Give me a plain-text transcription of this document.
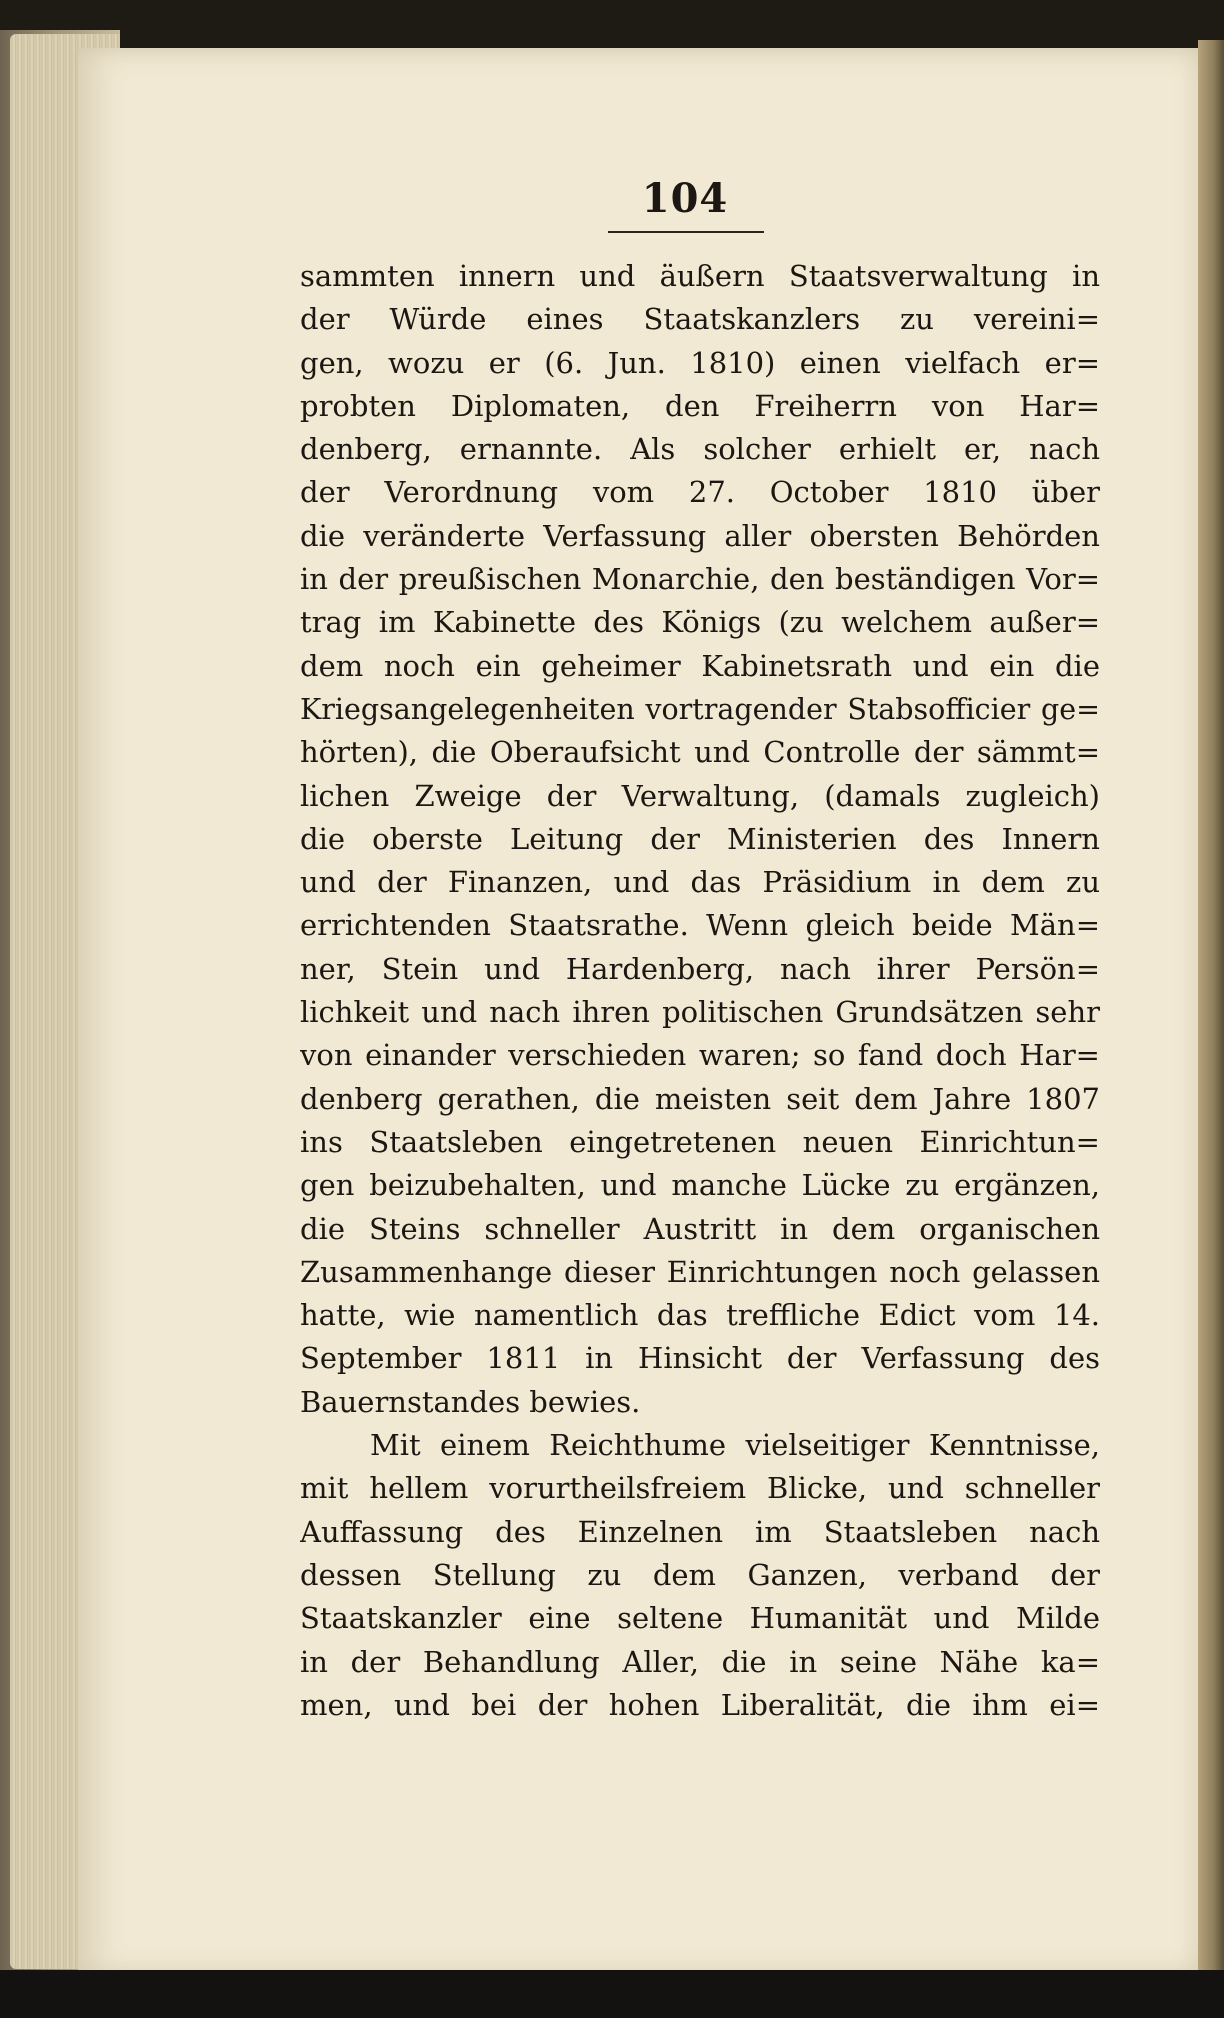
104
sammten innern und äußern Staatsverwaltung in
der Würde eines Staatskanzlers zu vereini=
gen, wozu er (6. Jun. 1810) einen vielfach er=
probten Diplomaten, den Freiherrn von Har=
denberg, ernannte. Als solcher erhielt er, nach
der Verordnung vom 27. October 1810 über
die veränderte Verfassung aller obersten Behörden
in der preußischen Monarchie, den beständigen Vor=
trag im Kabinette des Königs (zu welchem außer=
dem noch ein geheimer Kabinetsrath und ein die
Kriegsangelegenheiten vortragender Stabsofficier ge=
hörten), die Oberaufsicht und Controlle der sämmt=
lichen Zweige der Verwaltung, (damals zugleich)
die oberste Leitung der Ministerien des Innern
und der Finanzen, und das Präsidium in dem zu
errichtenden Staatsrathe. Wenn gleich beide Män=
ner, Stein und Hardenberg, nach ihrer Persön=
lichkeit und nach ihren politischen Grundsätzen sehr
von einander verschieden waren; so fand doch Har=
denberg gerathen, die meisten seit dem Jahre 1807
ins Staatsleben eingetretenen neuen Einrichtun=
gen beizubehalten, und manche Lücke zu ergänzen,
die Steins schneller Austritt in dem organischen
Zusammenhange dieser Einrichtungen noch gelassen
hatte, wie namentlich das treffliche Edict vom 14.
September 1811 in Hinsicht der Verfassung des
Bauernstandes bewies.
Mit einem Reichthume vielseitiger Kenntnisse,
mit hellem vorurtheilsfreiem Blicke, und schneller
Auffassung des Einzelnen im Staatsleben nach
dessen Stellung zu dem Ganzen, verband der
Staatskanzler eine seltene Humanität und Milde
in der Behandlung Aller, die in seine Nähe ka=
men, und bei der hohen Liberalität, die ihm ei=
